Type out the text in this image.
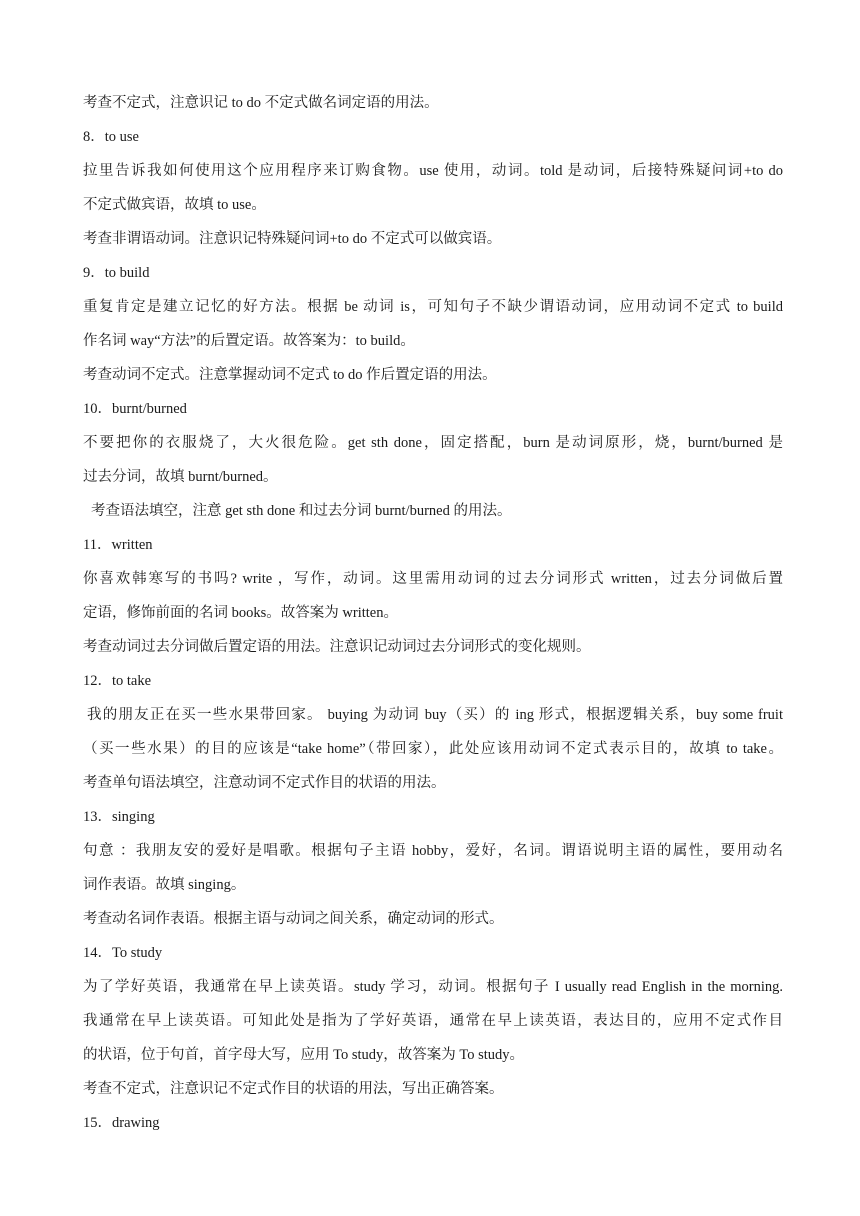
考查不定式，注意识记 to do 不定式做名词定语的用法。
8．to use
拉里告诉我如何使用这个应用程序来订购食物。use 使用，动词。told 是动词，后接特殊疑问词+to do
不定式做宾语，故填 to use。
考查非谓语动词。注意识记特殊疑问词+to do 不定式可以做宾语。
9．to build
重复肯定是建立记忆的好方法。根据 be 动词 is，可知句子不缺少谓语动词，应用动词不定式 to build
作名词 way“方法”的后置定语。故答案为：to build。
考查动词不定式。注意掌握动词不定式 to do 作后置定语的用法。
10．burnt/burned
不要把你的衣服烧了，大火很危险。get sth done，固定搭配，burn 是动词原形，烧，burnt/burned 是
过去分词，故填 burnt/burned。
考查语法填空，注意 get sth done 和过去分词 burnt/burned 的用法。
11．written
你喜欢韩寒写的书吗? write ，写作，动词。这里需用动词的过去分词形式 written，过去分词做后置
定语，修饰前面的名词 books。故答案为 written。
考查动词过去分词做后置定语的用法。注意识记动词过去分词形式的变化规则。
12．to take
我的朋友正在买一些水果带回家。 buying 为动词 buy（买）的 ing 形式，根据逻辑关系，buy some fruit
（买一些水果）的目的应该是“take home”（带回家），此处应该用动词不定式表示目的，故填 to take。
考查单句语法填空，注意动词不定式作目的状语的用法。
13．singing
句意 ：我朋友安的爱好是唱歌。根据句子主语 hobby，爱好，名词。谓语说明主语的属性，要用动名
词作表语。故填 singing。
考查动名词作表语。根据主语与动词之间关系，确定动词的形式。
14．To study
为了学好英语，我通常在早上读英语。study 学习，动词。根据句子 I usually read English in the morning.
我通常在早上读英语。可知此处是指为了学好英语，通常在早上读英语，表达目的，应用不定式作目
的状语，位于句首，首字母大写，应用 To study，故答案为 To study。
考查不定式，注意识记不定式作目的状语的用法，写出正确答案。
15．drawing
